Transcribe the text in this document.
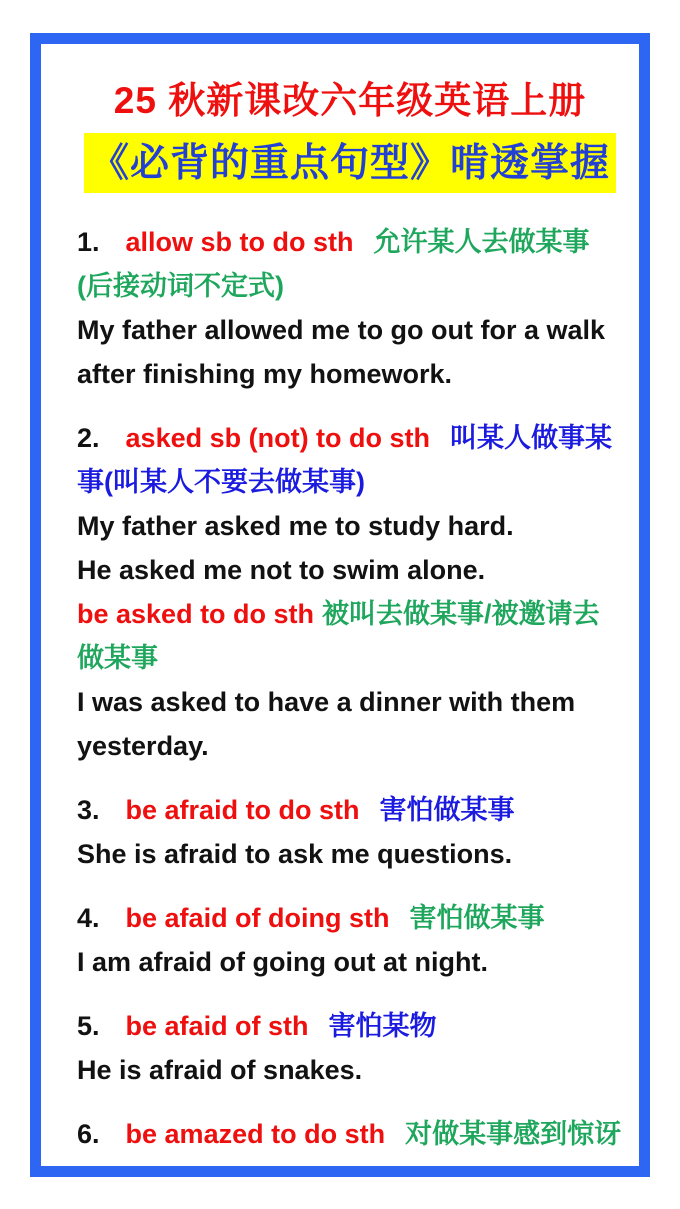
25 秋新课改六年级英语上册
《必背的重点句型》啃透掌握

1. allow sb to do sth 允许某人去做某事(后接动词不定式)

My father allowed me to go out for a walk after finishing my homework.

2. asked sb (not) to do sth 叫某人做事某事(叫某人不要去做某事)

My father asked me to study hard.

He asked me not to swim alone.

be asked to do sth 被叫去做某事/被邀请去做某事

I was asked to have a dinner with them yesterday.

3. be afraid to do sth 害怕做某事

She is afraid to ask me questions.

4. be afaid of doing sth 害怕做某事

I am afraid of going out at night.

5. be afaid of sth 害怕某物

He is afraid of snakes.

6. be amazed to do sth 对做某事感到惊讶
